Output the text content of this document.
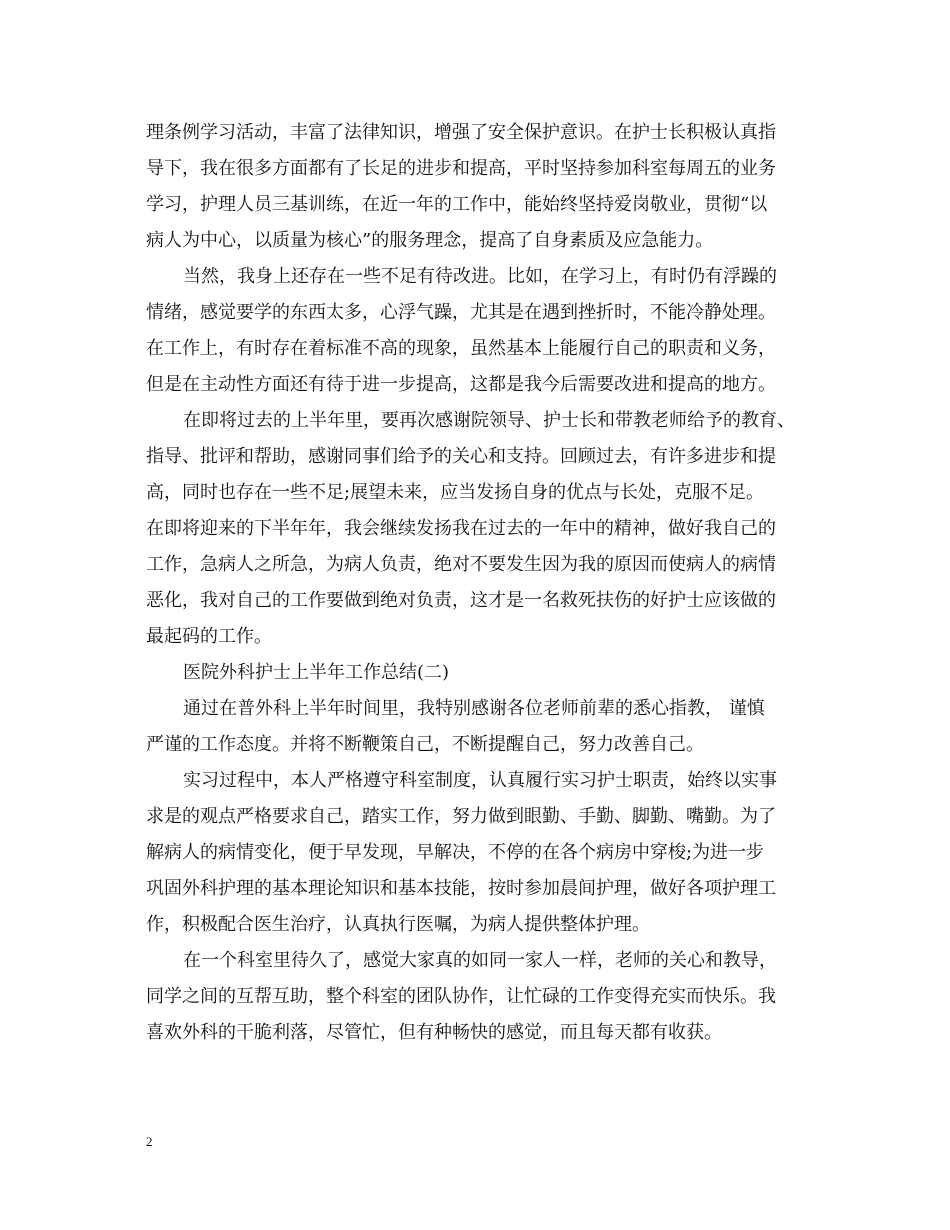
理条例学习活动，丰富了法律知识，增强了安全保护意识。在护士长积极认真指

导下，我在很多方面都有了长足的进步和提高，平时坚持参加科室每周五的业务

学习，护理人员三基训练，在近一年的工作中，能始终坚持爱岗敬业，贯彻“以

病人为中心，以质量为核心”的服务理念，提高了自身素质及应急能力。

当然，我身上还存在一些不足有待改进。比如，在学习上，有时仍有浮躁的

情绪，感觉要学的东西太多，心浮气躁，尤其是在遇到挫折时，不能冷静处理。

在工作上，有时存在着标准不高的现象，虽然基本上能履行自己的职责和义务，

但是在主动性方面还有待于进一步提高，这都是我今后需要改进和提高的地方。

在即将过去的上半年里，要再次感谢院领导、护士长和带教老师给予的教育、

指导、批评和帮助，感谢同事们给予的关心和支持。回顾过去，有许多进步和提

高，同时也存在一些不足;展望未来，应当发扬自身的优点与长处，克服不足。

在即将迎来的下半年年，我会继续发扬我在过去的一年中的精神，做好我自己的

工作，急病人之所急，为病人负责，绝对不要发生因为我的原因而使病人的病情

恶化，我对自己的工作要做到绝对负责，这才是一名救死扶伤的好护士应该做的

最起码的工作。

医院外科护士上半年工作总结(二)

通过在普外科上半年时间里，我特别感谢各位老师前辈的悉心指教， 谨慎

严谨的工作态度。并将不断鞭策自己，不断提醒自己，努力改善自己。

实习过程中，本人严格遵守科室制度，认真履行实习护士职责，始终以实事

求是的观点严格要求自己，踏实工作，努力做到眼勤、手勤、脚勤、嘴勤。为了

解病人的病情变化，便于早发现，早解决，不停的在各个病房中穿梭;为进一步

巩固外科护理的基本理论知识和基本技能，按时参加晨间护理，做好各项护理工

作，积极配合医生治疗，认真执行医嘱，为病人提供整体护理。

在一个科室里待久了，感觉大家真的如同一家人一样，老师的关心和教导，

同学之间的互帮互助，整个科室的团队协作，让忙碌的工作变得充实而快乐。我

喜欢外科的干脆利落，尽管忙，但有种畅快的感觉，而且每天都有收获。

2
